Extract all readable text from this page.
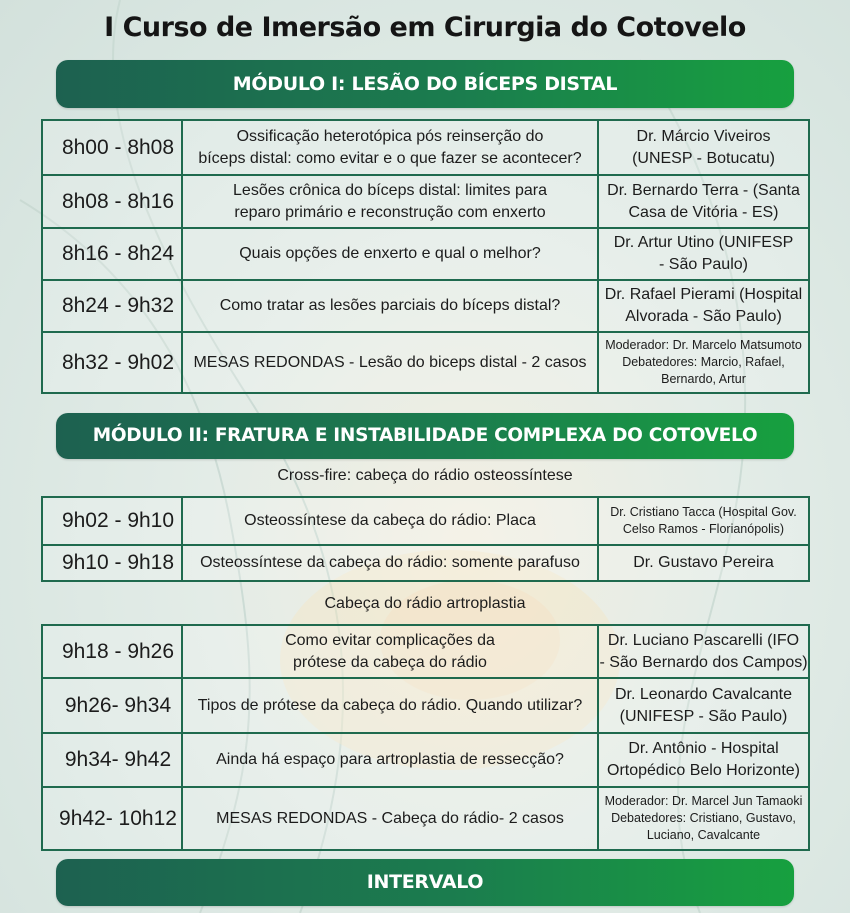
I Curso de Imersão em Cirurgia do Cotovelo
MÓDULO I: LESÃO DO BÍCEPS DISTAL
8h00 - 8h08	Ossificação heterotópica pós reinserção do
bíceps distal: como evitar e o que fazer se acontecer?	Dr. Márcio Viveiros
(UNESP - Botucatu)

8h08 - 8h16	Lesões crônica do bíceps distal: limites para
reparo primário e reconstrução com enxerto	Dr. Bernardo Terra - (Santa
Casa de Vitória - ES)

8h16 - 8h24	Quais opções de enxerto e qual o melhor?	Dr. Artur Utino (UNIFESP
- São Paulo)

8h24 - 9h32	Como tratar as lesões parciais do bíceps distal?	Dr. Rafael Pierami (Hospital
Alvorada - São Paulo)

8h32 - 9h02	MESAS REDONDAS - Lesão do biceps distal - 2 casos	Moderador: Dr. Marcelo Matsumoto
Debatedores: Marcio, Rafael,
Bernardo, Artur
MÓDULO II: FRATURA E INSTABILIDADE COMPLEXA DO COTOVELO
Cross-fire: cabeça do rádio osteossíntese
9h02 - 9h10	Osteossíntese da cabeça do rádio: Placa	Dr. Cristiano Tacca (Hospital Gov.
Celso Ramos - Florianópolis)

9h10 - 9h18	Osteossíntese da cabeça do rádio: somente parafuso	Dr. Gustavo Pereira
Cabeça do rádio artroplastia
9h18 - 9h26	Como evitar complicações da
prótese da cabeça do rádio	Dr. Luciano Pascarelli (IFO
- São Bernardo dos Campos)

9h26- 9h34	Tipos de prótese da cabeça do rádio. Quando utilizar?	Dr. Leonardo Cavalcante
(UNIFESP - São Paulo)

9h34- 9h42	Ainda há espaço para artroplastia de ressecção?	Dr. Antônio - Hospital
Ortopédico Belo Horizonte)

9h42- 10h12	MESAS REDONDAS - Cabeça do rádio- 2 casos	Moderador: Dr. Marcel Jun Tamaoki
Debatedores: Cristiano, Gustavo,
Luciano, Cavalcante
INTERVALO
